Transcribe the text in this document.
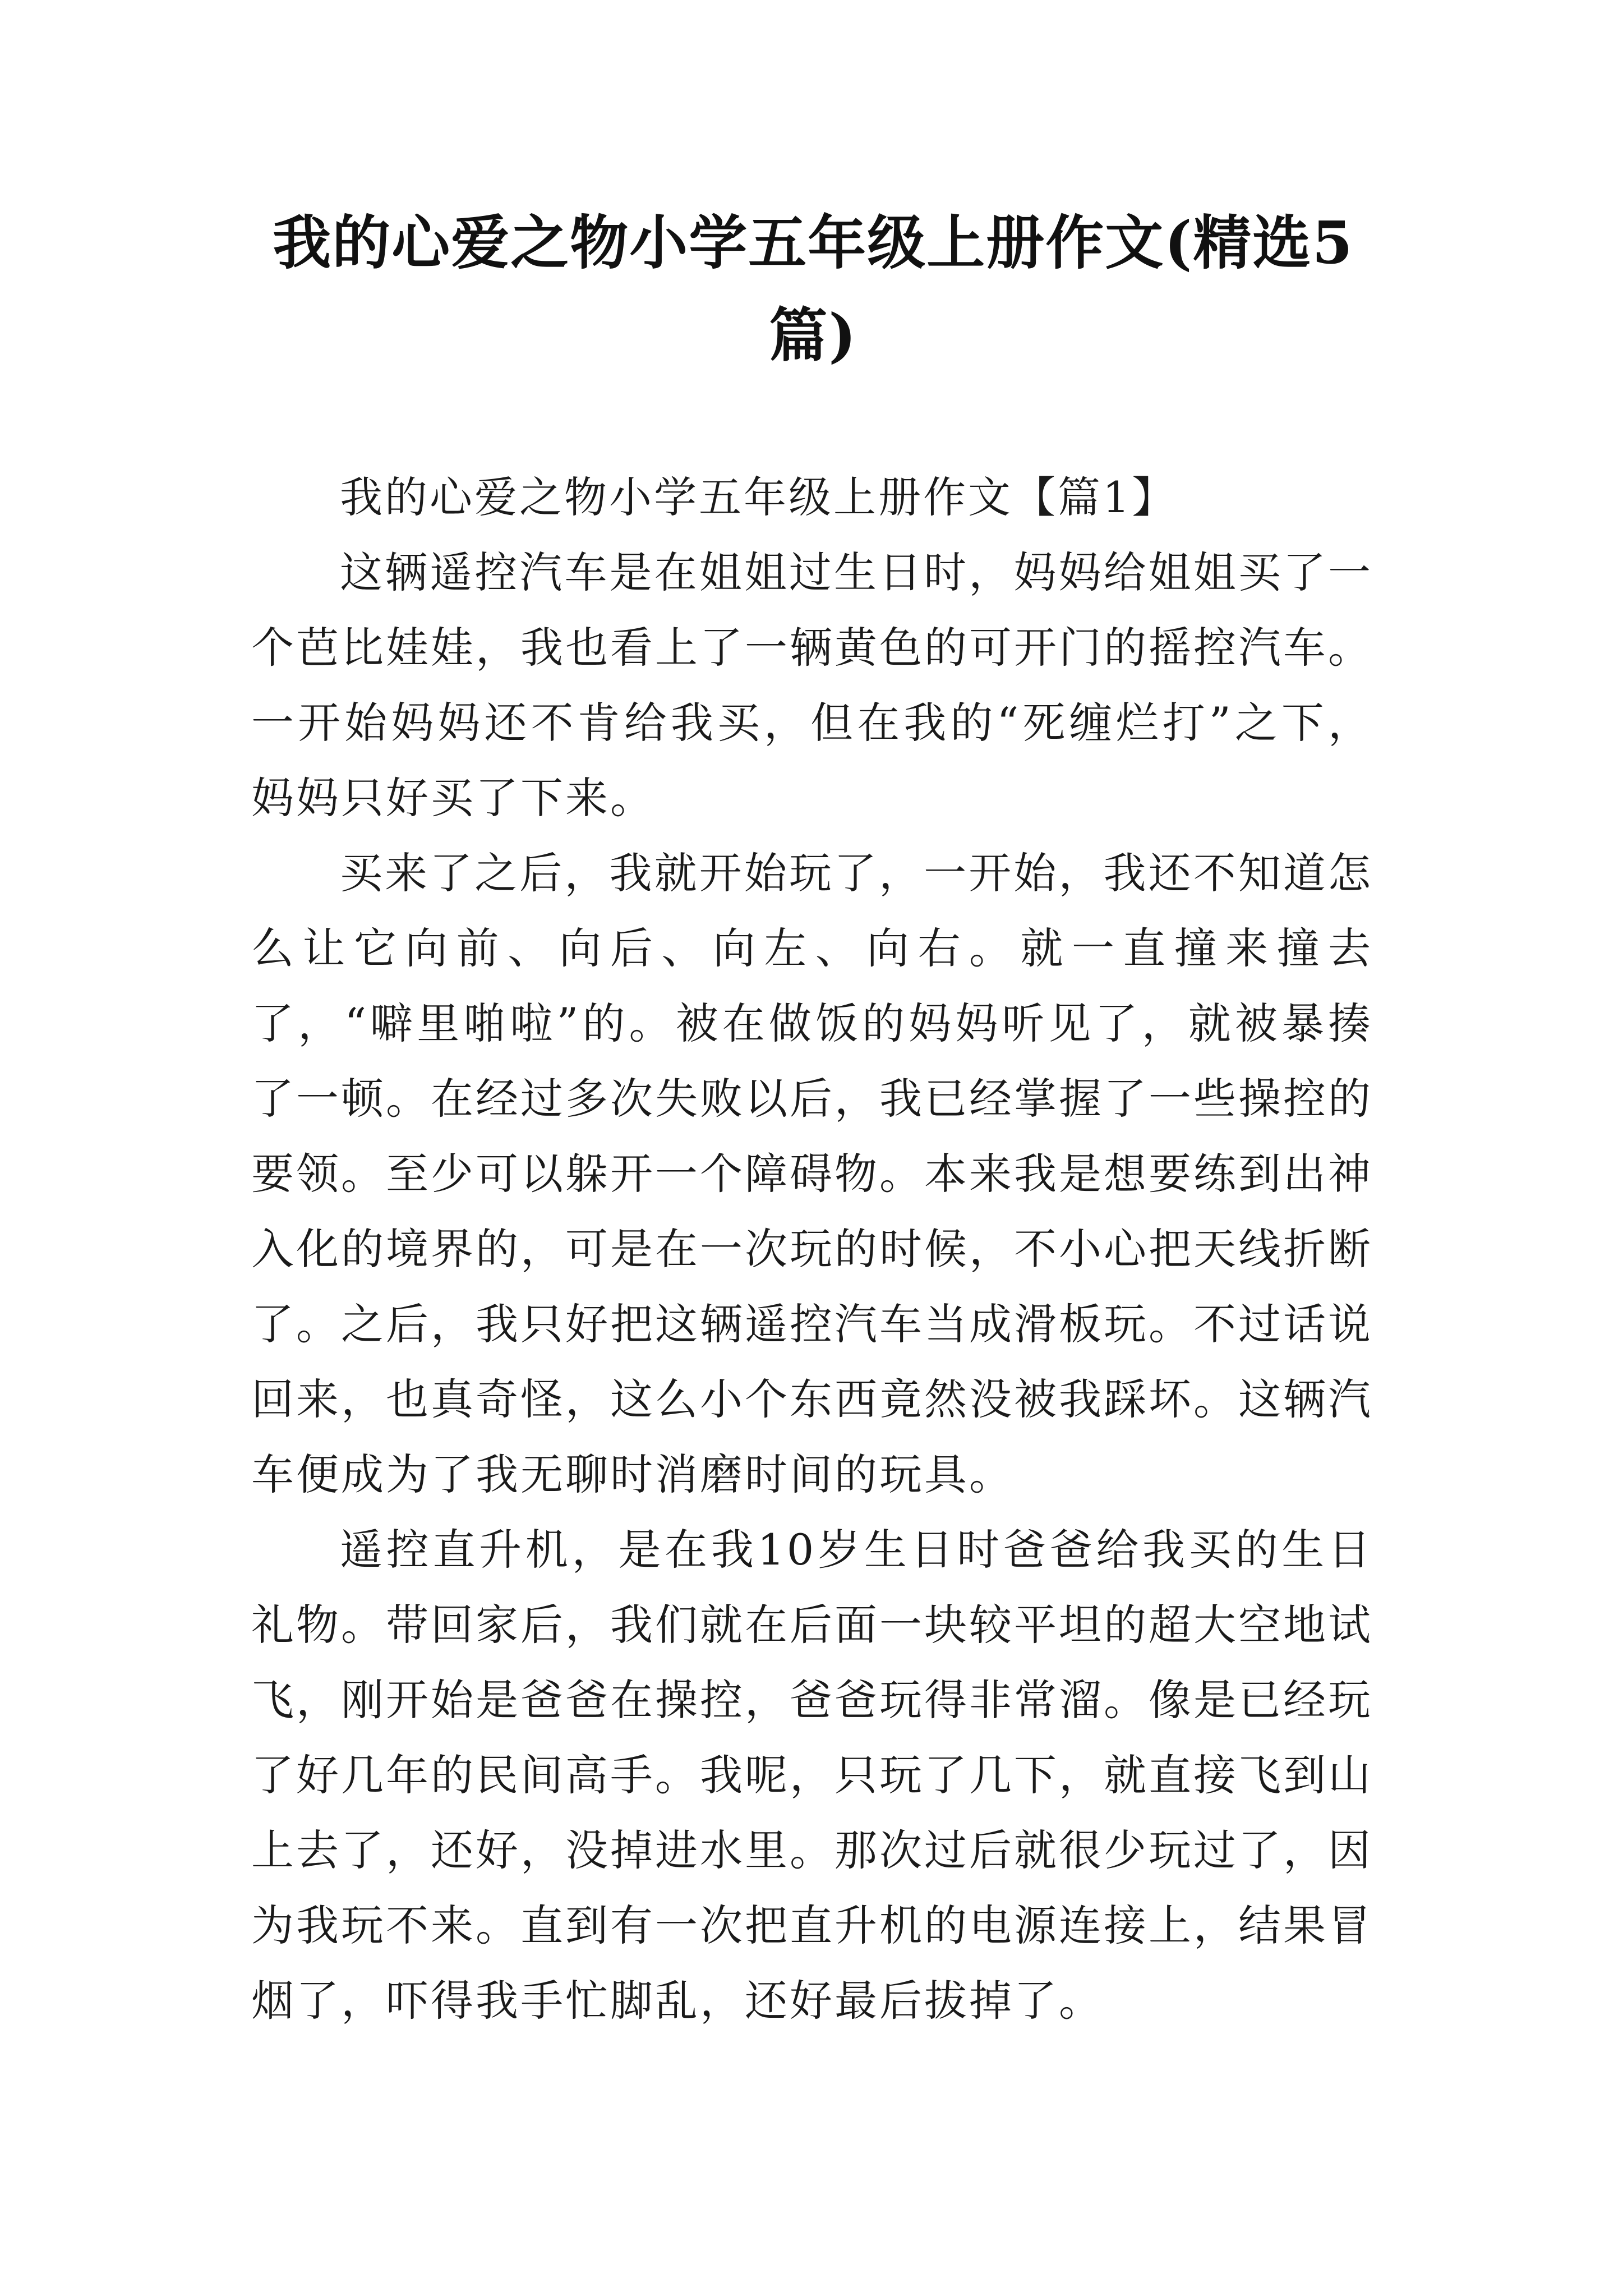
我的心爱之物小学五年级上册作文(精选5篇)

我的心爱之物小学五年级上册作文【篇1】

这辆遥控汽车是在姐姐过生日时，妈妈给姐姐买了一个芭比娃娃，我也看上了一辆黄色的可开门的摇控汽车。一开始妈妈还不肯给我买，但在我的“死缠烂打”之下，妈妈只好买了下来。

买来了之后，我就开始玩了，一开始，我还不知道怎么让它向前、向后、向左、向右。就一直撞来撞去了，“噼里啪啦”的。被在做饭的妈妈听见了，就被暴揍了一顿。在经过多次失败以后，我已经掌握了一些操控的要领。至少可以躲开一个障碍物。本来我是想要练到出神入化的境界的，可是在一次玩的时候，不小心把天线折断了。之后，我只好把这辆遥控汽车当成滑板玩。不过话说回来，也真奇怪，这么小个东西竟然没被我踩坏。这辆汽车便成为了我无聊时消磨时间的玩具。

遥控直升机，是在我10岁生日时爸爸给我买的生日礼物。带回家后，我们就在后面一块较平坦的超大空地试飞，刚开始是爸爸在操控，爸爸玩得非常溜。像是已经玩了好几年的民间高手。我呢，只玩了几下，就直接飞到山上去了，还好，没掉进水里。那次过后就很少玩过了，因为我玩不来。直到有一次把直升机的电源连接上，结果冒烟了，吓得我手忙脚乱，还好最后拔掉了。
